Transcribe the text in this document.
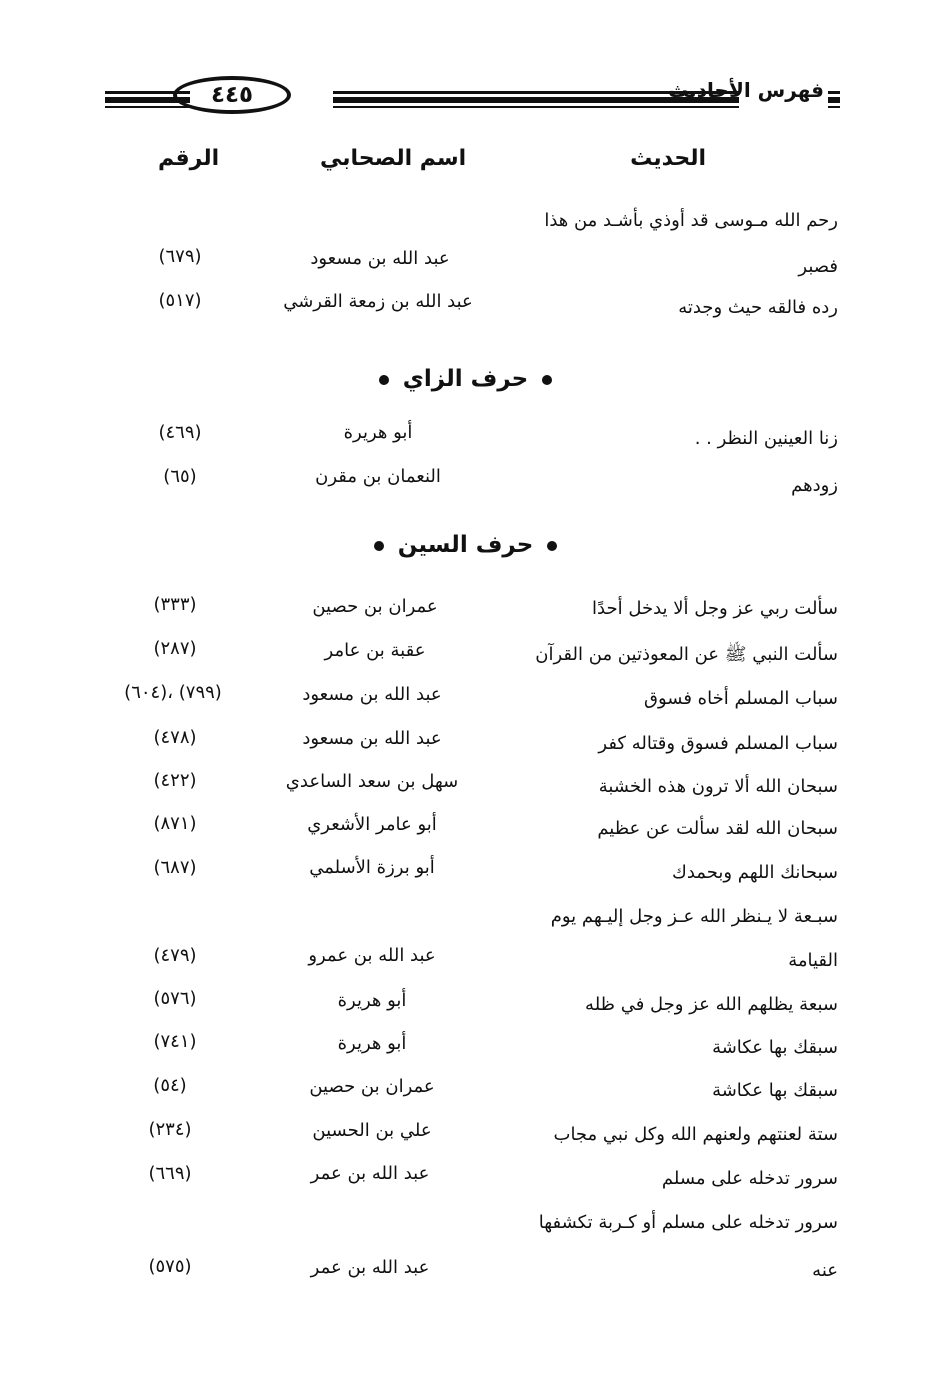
٤٤٥	فهرس الأحاديث
الحديث
اسم الصحابي
الرقم
رحم الله مـوسى قد أوذي بأشـد من هذا
فصبر
عبد الله بن مسعود
(٦٧٩)
رده فالقه حيث وجدته
عبد الله بن زمعة القرشي
(٥١٧)
حرف الزاي
زنا العينين النظر . .
أبو هريرة
(٤٦٩)
زودهم
النعمان بن مقرن
(٦٥)
حرف السين
سألت ربي عز وجل ألا يدخل أحدًا
عمران بن حصين
(٣٣٣)
سألت النبي ﷺ عن المعوذتين من القرآن
عقبة بن عامر
(٢٨٧)
سباب المسلم أخاه فسوق
عبد الله بن مسعود
(٦٠٤)، (٧٩٩)
سباب المسلم فسوق وقتاله كفر
عبد الله بن مسعود
(٤٧٨)
سبحان الله ألا ترون هذه الخشبة
سهل بن سعد الساعدي
(٤٢٢)
سبحان الله لقد سألت عن عظيم
أبو عامر الأشعري
(٨٧١)
سبحانك اللهم وبحمدك
أبو برزة الأسلمي
(٦٨٧)
سبـعة لا يـنظر الله عـز وجل إليـهم يوم
القيامة
عبد الله بن عمرو
(٤٧٩)
سبعة يظلهم الله عز وجل في ظله
أبو هريرة
(٥٧٦)
سبقك بها عكاشة
أبو هريرة
(٧٤١)
سبقك بها عكاشة
عمران بن حصين
(٥٤)
ستة لعنتهم ولعنهم الله وكل نبي مجاب
علي بن الحسين
(٢٣٤)
سرور تدخله على مسلم
عبد الله بن عمر
(٦٦٩)
سرور تدخله على مسلم أو كـربة تكشفها
عنه
عبد الله بن عمر
(٥٧٥)
